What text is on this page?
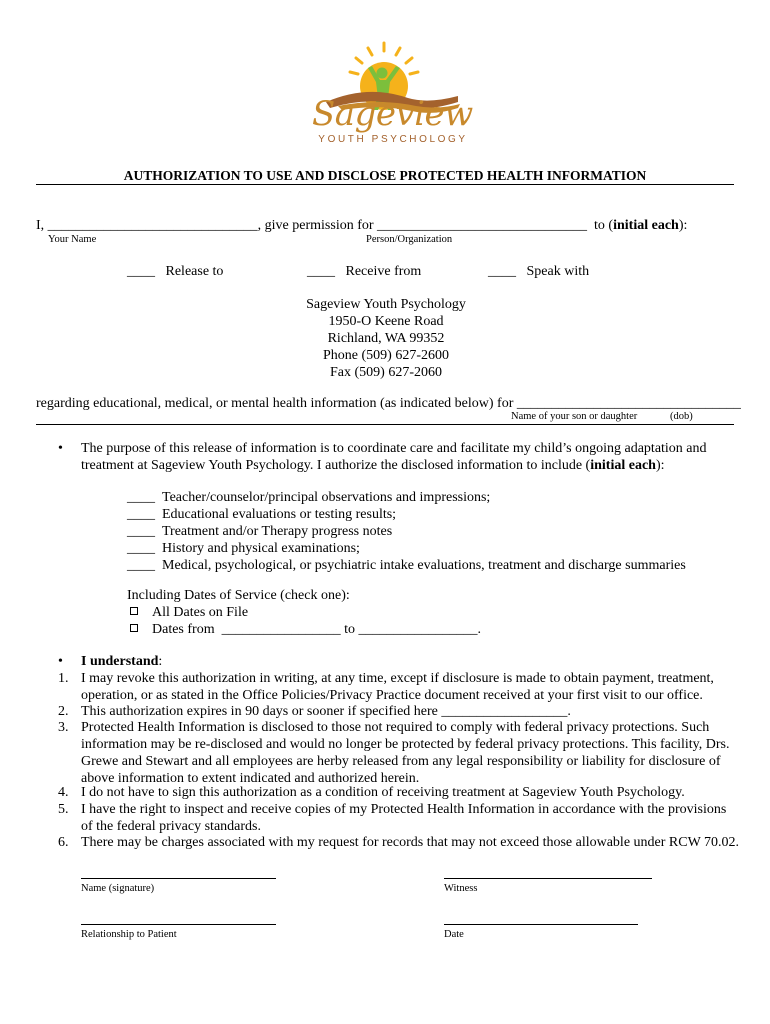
Sageview
YOUTH PSYCHOLOGY
AUTHORIZATION TO USE AND DISCLOSE PROTECTED HEALTH INFORMATION
I, ______________________________, give permission for ______________________________ to (initial each):
Your Name	Person/Organization
____ Release to	____ Receive from	____ Speak with
Sageview Youth Psychology
1950-O Keene Road
Richland, WA 99352
Phone (509) 627-2600
Fax (509) 627-2060
regarding educational, medical, or mental health information (as indicated below) for ________________________________
Name of your son or daughter	(dob)
• The purpose of this release of information is to coordinate care and facilitate my child’s ongoing adaptation and
treatment at Sageview Youth Psychology. I authorize the disclosed information to include (initial each):
____ Teacher/counselor/principal observations and impressions;
____ Educational evaluations or testing results;
____ Treatment and/or Therapy progress notes
____ History and physical examinations;
____ Medical, psychological, or psychiatric intake evaluations, treatment and discharge summaries
Including Dates of Service (check one):
All Dates on File
Dates from _________________ to _________________.
• I understand:
1. I may revoke this authorization in writing, at any time, except if disclosure is made to obtain payment, treatment,
operation, or as stated in the Office Policies/Privacy Practice document received at your first visit to our office.
2. This authorization expires in 90 days or sooner if specified here __________________.
3. Protected Health Information is disclosed to those not required to comply with federal privacy protections. Such
information may be re-disclosed and would no longer be protected by federal privacy protections. This facility, Drs.
Grewe and Stewart and all employees are herby released from any legal responsibility or liability for disclosure of
above information to extent indicated and authorized herein.
4. I do not have to sign this authorization as a condition of receiving treatment at Sageview Youth Psychology.
5. I have the right to inspect and receive copies of my Protected Health Information in accordance with the provisions
of the federal privacy standards.
6. There may be charges associated with my request for records that may not exceed those allowable under RCW 70.02.
Name (signature)	Witness
Relationship to Patient	Date
